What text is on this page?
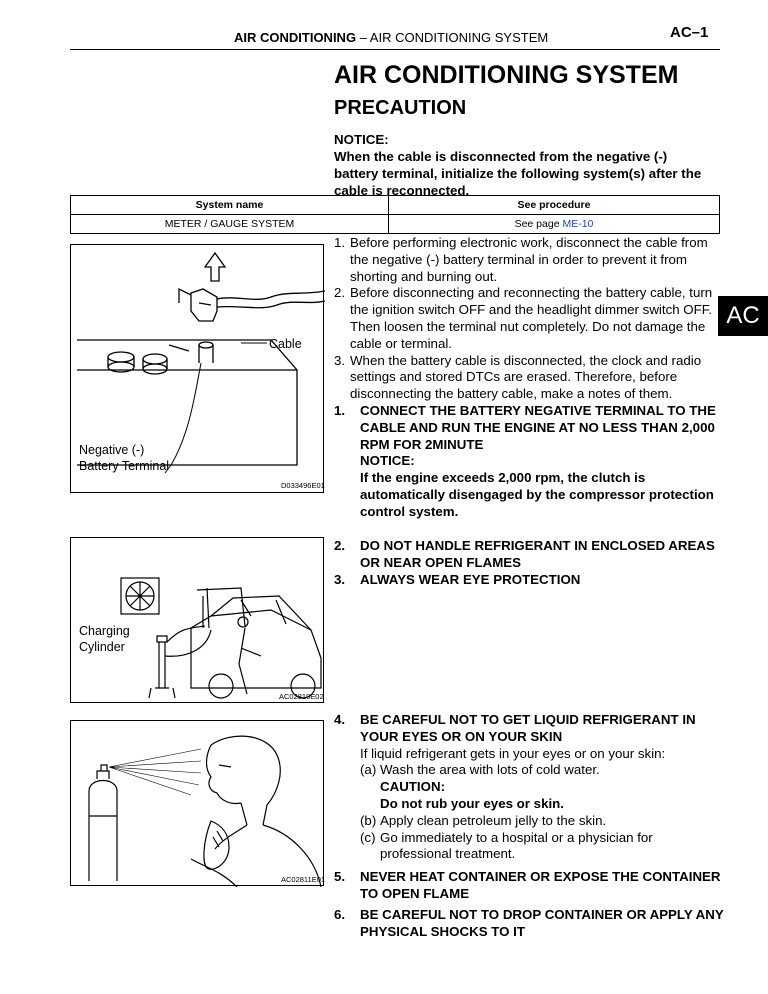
AIR CONDITIONING – AIR CONDITIONING SYSTEM	AC–1
AIR CONDITIONING SYSTEM
PRECAUTION
NOTICE:
When the cable is disconnected from the negative (-) battery terminal, initialize the following system(s) after the cable is reconnected.
System name	See procedure
METER / GAUGE SYSTEM	See page ME-10
AC
Cable
Negative (-)
Battery Terminal
D033496E01
Charging
Cylinder
AC02810E02
AC02811E01
1. Before performing electronic work, disconnect the cable from the negative (-) battery terminal in order to prevent it from shorting and burning out.
2. Before disconnecting and reconnecting the battery cable, turn the ignition switch OFF and the headlight dimmer switch OFF. Then loosen the terminal nut completely. Do not damage the cable or terminal.
3. When the battery cable is disconnected, the clock and radio settings and stored DTCs are erased. Therefore, before disconnecting the battery cable, make a notes of them.
1. CONNECT THE BATTERY NEGATIVE TERMINAL TO THE CABLE AND RUN THE ENGINE AT NO LESS THAN 2,000 RPM FOR 2MINUTE
NOTICE:
If the engine exceeds 2,000 rpm, the clutch is automatically disengaged by the compressor protection control system.
2. DO NOT HANDLE REFRIGERANT IN ENCLOSED AREAS OR NEAR OPEN FLAMES
3. ALWAYS WEAR EYE PROTECTION
4. BE CAREFUL NOT TO GET LIQUID REFRIGERANT IN YOUR EYES OR ON YOUR SKIN
If liquid refrigerant gets in your eyes or on your skin:
(a) Wash the area with lots of cold water.
CAUTION:
Do not rub your eyes or skin.
(b) Apply clean petroleum jelly to the skin.
(c) Go immediately to a hospital or a physician for professional treatment.
5. NEVER HEAT CONTAINER OR EXPOSE THE CONTAINER TO OPEN FLAME
6. BE CAREFUL NOT TO DROP CONTAINER OR APPLY ANY PHYSICAL SHOCKS TO IT
